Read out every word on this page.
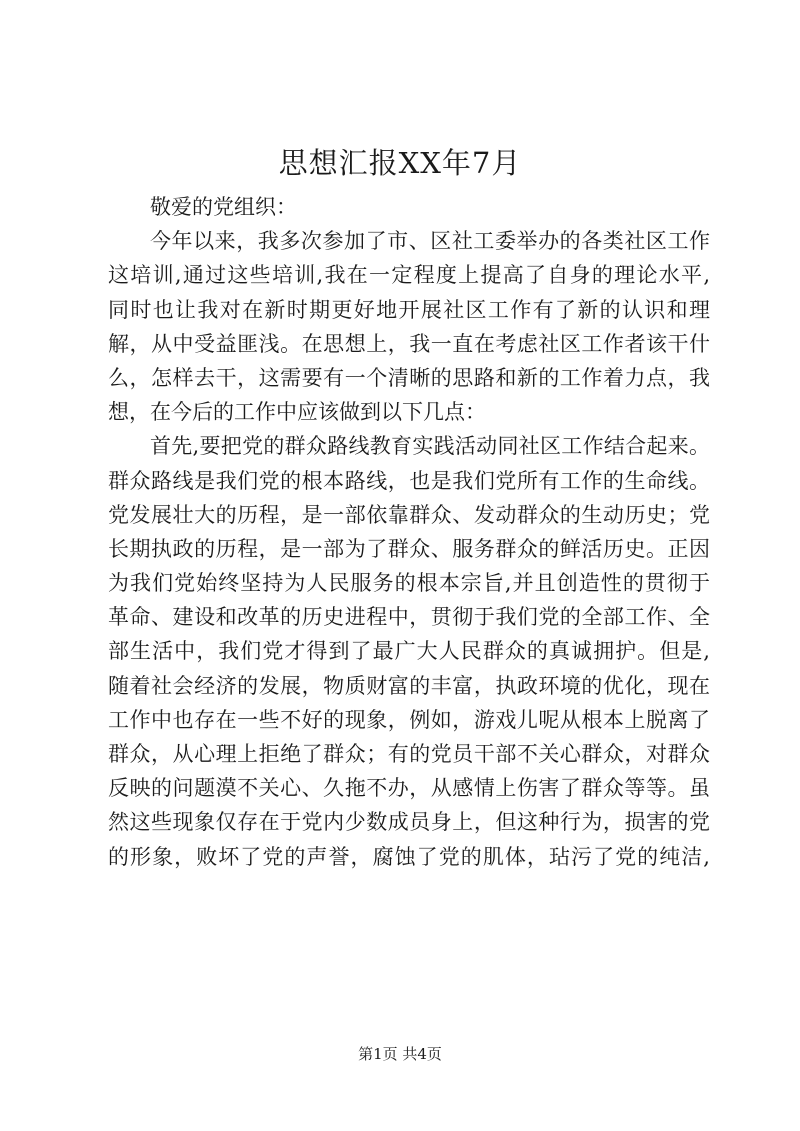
思想汇报XX年7月
敬爱的党组织：
今年以来，我多次参加了市、区社工委举办的各类社区工作
这培训,通过这些培训,我在一定程度上提高了自身的理论水平,
同时也让我对在新时期更好地开展社区工作有了新的认识和理
解，从中受益匪浅。在思想上，我一直在考虑社区工作者该干什
么，怎样去干，这需要有一个清晰的思路和新的工作着力点，我
想，在今后的工作中应该做到以下几点：
首先,要把党的群众路线教育实践活动同社区工作结合起来。
群众路线是我们党的根本路线，也是我们党所有工作的生命线。
党发展壮大的历程，是一部依靠群众、发动群众的生动历史；党
长期执政的历程，是一部为了群众、服务群众的鲜活历史。正因
为我们党始终坚持为人民服务的根本宗旨,并且创造性的贯彻于
革命、建设和改革的历史进程中，贯彻于我们党的全部工作、全
部生活中，我们党才得到了最广大人民群众的真诚拥护。但是,
随着社会经济的发展，物质财富的丰富，执政环境的优化，现在
工作中也存在一些不好的现象，例如，游戏儿呢从根本上脱离了
群众，从心理上拒绝了群众；有的党员干部不关心群众，对群众
反映的问题漠不关心、久拖不办，从感情上伤害了群众等等。虽
然这些现象仅存在于党内少数成员身上，但这种行为，损害的党
的形象，败坏了党的声誉，腐蚀了党的肌体，玷污了党的纯洁,
第1页 共4页
